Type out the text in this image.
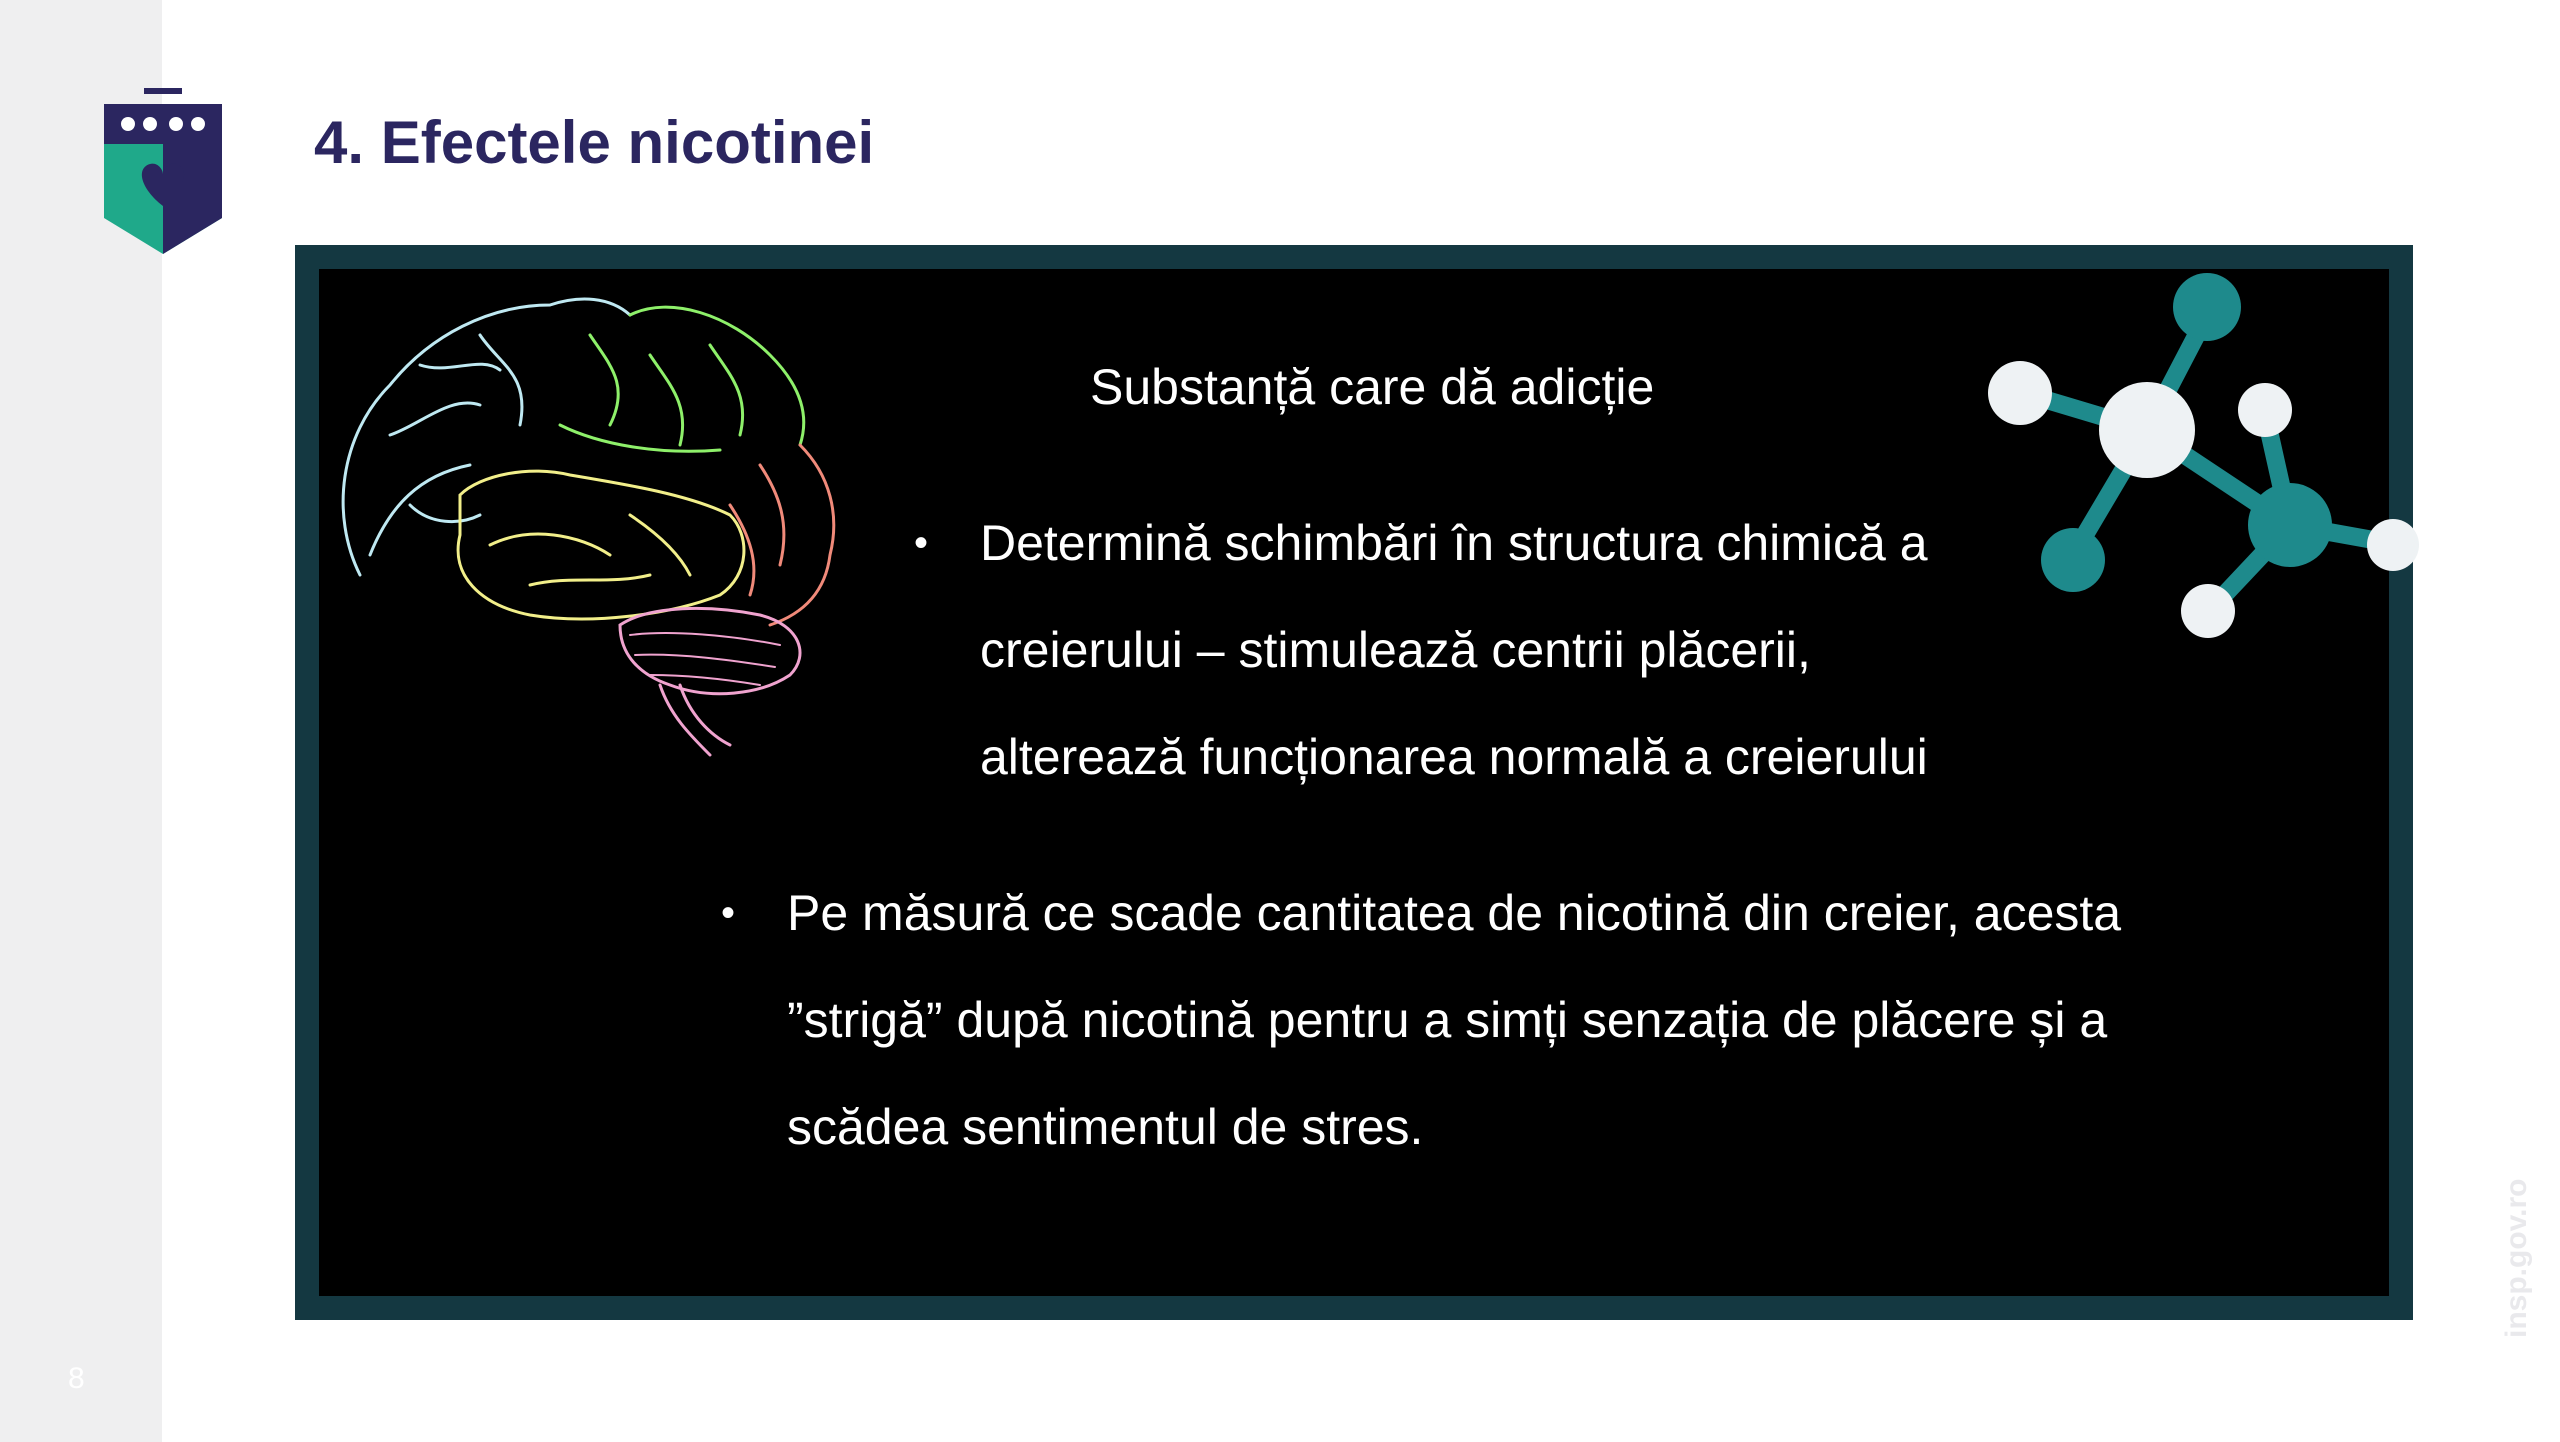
8
4. Efectele nicotinei

Substanță care dă adicție

• Determină schimbări în structura chimică a
creierului – stimulează centrii plăcerii,
alterează funcționarea normală a creierului
• Pe măsură ce scade cantitatea de nicotină din creier, acesta
”strigă” după nicotină pentru a simți senzația de plăcere și a
scădea sentimentul de stres.
insp.gov.ro
